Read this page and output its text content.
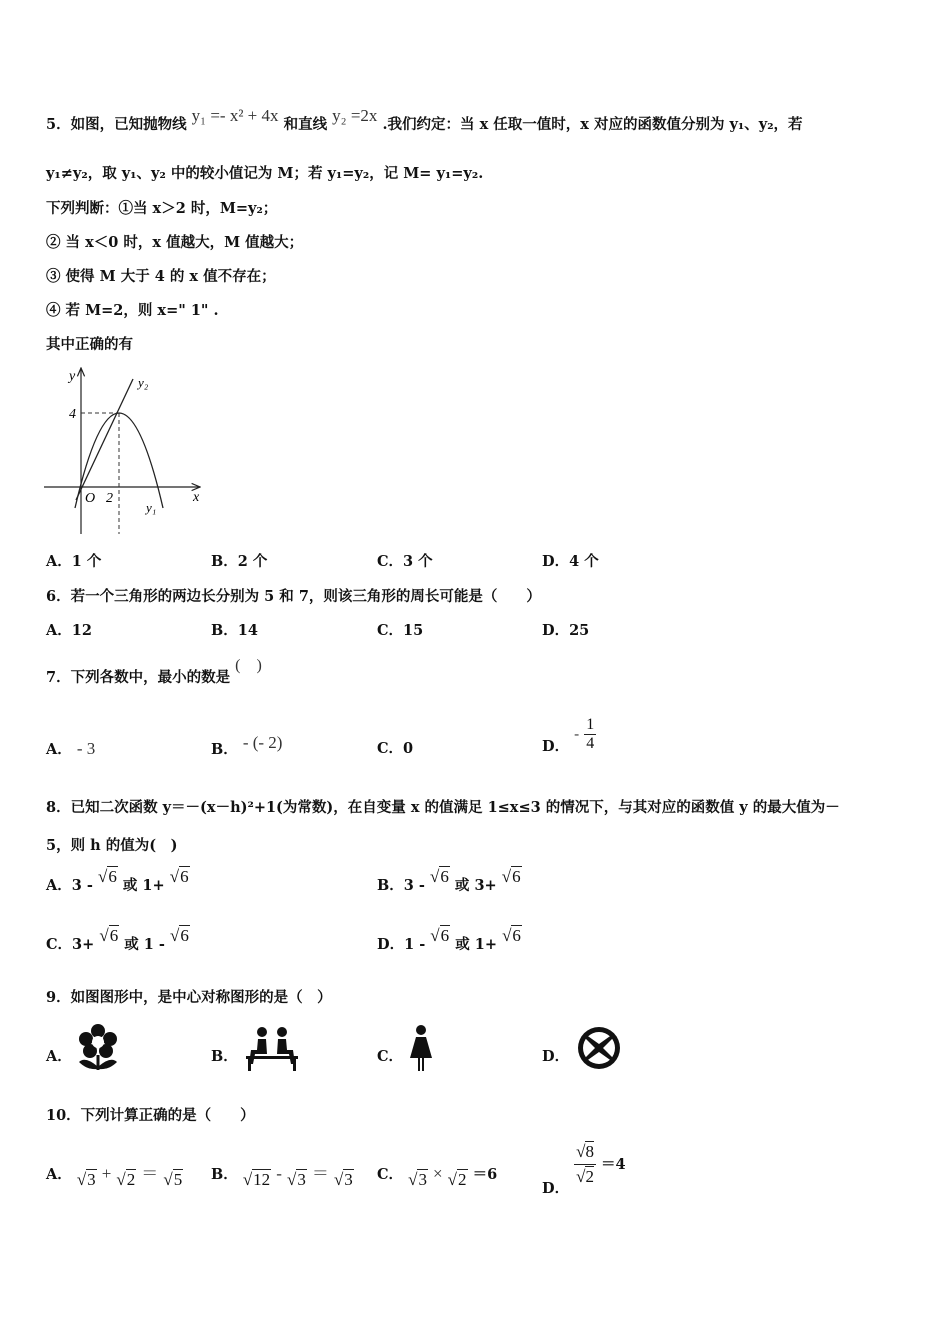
5．如图，已知抛物线 y₁ =- x² + 4x 和直线 y₂ =2x .我们约定：当 x 任取一值时，x 对应的函数值分别为 y₁、y₂，若
y₁≠y₂，取 y₁、y₂ 中的较小值记为 M；若 y₁=y₂，记 M= y₁=y₂.
下列判断：①当 x＞2 时，M=y₂；
② 当 x＜0 时，x 值越大，M 值越大；
③ 使得 M 大于 4 的 x 值不存在；
④ 若 M=2，则 x=" 1" .
其中正确的有
y
x
O 2
4
y₂
y₁
A．1 个	B．2 个	C．3 个	D．4 个
6．若一个三角形的两边长分别为 5 和 7，则该三角形的周长可能是（　　）
A．12	B．14	C．15	D．25
7．下列各数中，最小的数是 (　)
A． - 3	B． - (- 2)	C．0	D． - $\frac{1}{4}$
8．已知二次函数 y＝－(x－h)²+1(为常数)，在自变量 x 的值满足 1≤x≤3 的情况下，与其对应的函数值 y 的最大值为－
5，则 h 的值为(　)
A．3 - √6 或 1+ √6	B．3 - √6 或 3+ √6
C．3+ √6 或 1 - √6	D．1 - √6 或 1+ √6
9．如图图形中，是中心对称图形的是（　）
A．	B．	C．	D．
10．下列计算正确的是（　　）
A． √3 + √2 ＝ √5 B． √12 - √3 ＝ √3 C． √3 × √2 ＝6
D． $\frac{√8}{√2} =4$
